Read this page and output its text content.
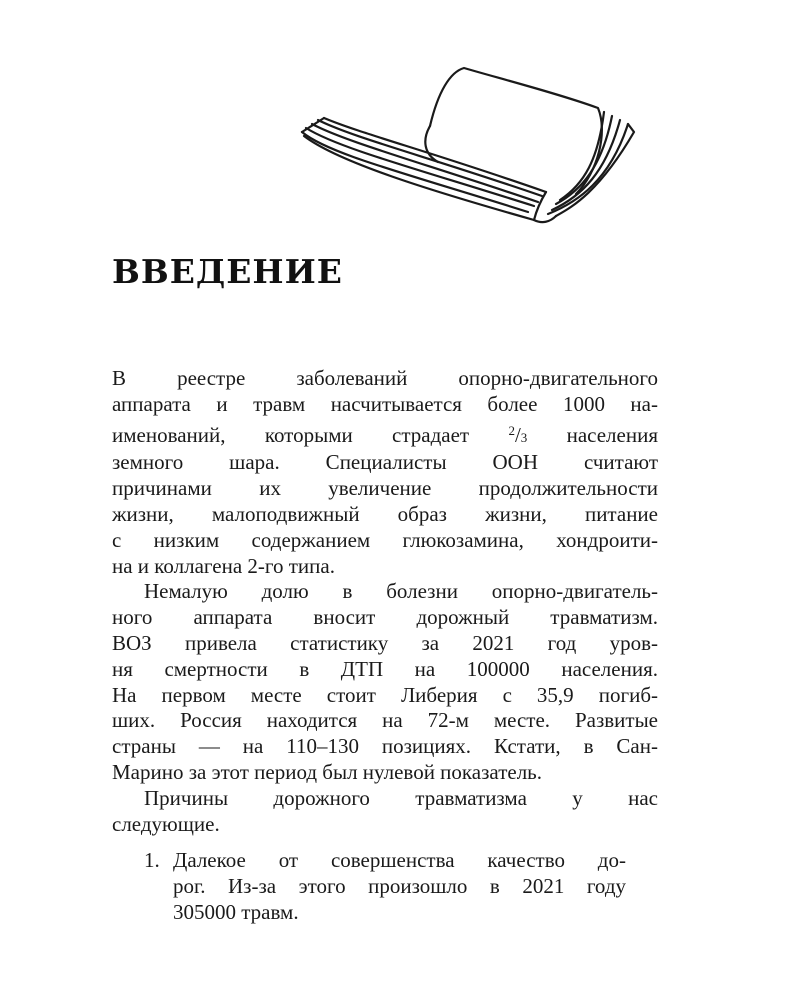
ВВЕДЕНИЕ

В реестре заболеваний опорно-двигательного
аппарата и травм насчитывается более 1000 на-
именований, которыми страдает $^2$/3 населения
земного шара. Специалисты ООН считают
причинами их увеличение продолжительности
жизни, малоподвижный образ жизни, питание
с низким содержанием глюкозамина, хондроити-
на и коллагена 2-го типа.

Немалую долю в болезни опорно-двигатель-
ного аппарата вносит дорожный травматизм.
ВОЗ привела статистику за 2021 год уров-
ня смертности в ДТП на 100000 населения.
На первом месте стоит Либерия с 35,9 погиб-
ших. Россия находится на 72-м месте. Развитые
страны — на 110–130 позициях. Кстати, в Сан-
Марино за этот период был нулевой показатель.

Причины дорожного травматизма у нас
следующие.

1. Далекое от совершенства качество до-
рог. Из-за этого произошло в 2021 году
305000 травм.
